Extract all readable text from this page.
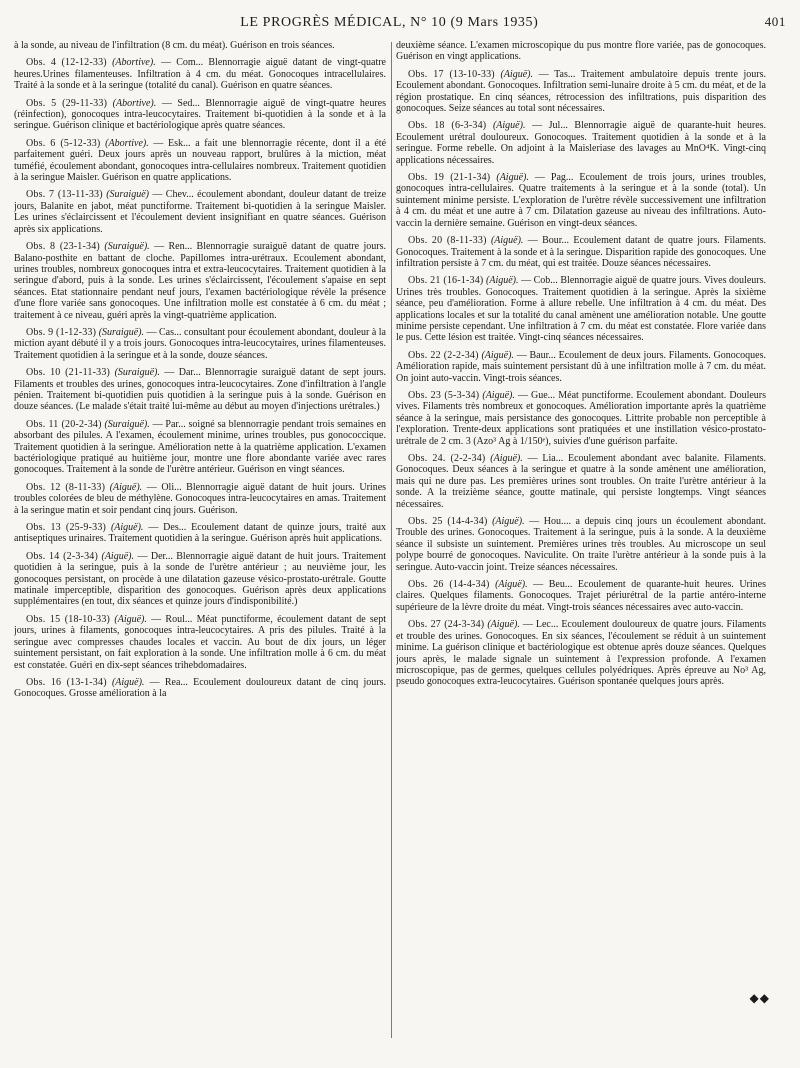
LE PROGRÈS MÉDICAL, N° 10 (9 Mars 1935)	401

à la sonde, au niveau de l'infiltration (8 cm. du méat). Guérison en trois séances.

Obs. 4 (12-12-33) (Abortive). — Com... Blennorragie aiguë datant de vingt-quatre heures.Urines filamenteuses. Infiltration à 4 cm. du méat. Gonocoques intracellulaires. Traité à la sonde et à la seringue (totalité du canal). Guérison en quatre séances.

Obs. 5 (29-11-33) (Abortive). — Sed... Blennorragie aiguë de vingt-quatre heures (réinfection), gonocoques intra-leucocytaires. Traitement bi-quotidien à la sonde et à la seringue. Guérison clinique et bactériologique après quatre séances.

Obs. 6 (5-12-33) (Abortive). — Esk... a fait une blennorragie récente, dont il a été parfaitement guéri. Deux jours après un nouveau rapport, brulûres à la miction, méat tuméfié, écoulement abondant, gonocoques intra-cellulaires nombreux. Traitement quotidien à la seringue Maisler. Guérison en quatre applications.

Obs. 7 (13-11-33) (Suraiguë) — Chev... écoulement abondant, douleur datant de treize jours, Balanite en jabot, méat punctiforme. Traitement bi-quotidien à la seringue Maisler. Les urines s'éclaircissent et l'écoulement devient insignifiant en quatre séances. Guérison après six applications.

Obs. 8 (23-1-34) (Suraiguë). — Ren... Blennorragie suraiguë datant de quatre jours. Balano-posthite en battant de cloche. Papillomes intra-urétraux. Ecoulement abondant, urines troubles, nombreux gonocoques intra et extra-leucocytaires. Traitement quotidien à la seringue d'abord, puis à la sonde. Les urines s'éclaircissent, l'écoulement s'apaise en sept séances. Etat stationnaire pendant neuf jours, l'examen bactériologique révèle la présence d'une flore variée sans gonocoques. Une infiltration molle est constatée à 6 cm. du méat ; traitement à ce niveau, guéri après la vingt-quatrième application.

Obs. 9 (1-12-33) (Suraiguë). — Cas... consultant pour écoulement abondant, douleur à la miction ayant débuté il y a trois jours. Gonocoques intra-leucocytaires, urines filamenteuses. Traitement quotidien à la seringue et à la sonde, douze séances.

Obs. 10 (21-11-33) (Suraiguë). — Dar... Blennorragie suraiguë datant de sept jours. Filaments et troubles des urines, gonocoques intra-leucocytaires. Zone d'infiltration à l'angle pénien. Traitement bi-quotidien puis quotidien à la seringue puis à la sonde. Guérison en douze séances. (Le malade s'était traité lui-même au début au moyen d'injections urétrales.)

Obs. 11 (20-2-34) (Suraiguë). — Par... soigné sa blennorragie pendant trois semaines en absorbant des pilules. A l'examen, écoulement minime, urines troubles, pus gonococcique. Traitement quotidien à la seringue. Amélioration nette à la quatrième application. L'examen bactériologique pratiqué au huitième jour, montre une flore abondante variée avec rares gonocoques. Traitement à la sonde de l'urètre antérieur. Guérison en vingt séances.

Obs. 12 (8-11-33) (Aiguë). — Oli... Blennorragie aiguë datant de huit jours. Urines troubles colorées de bleu de méthylène. Gonocoques intra-leucocytaires en amas. Traitement à la seringue matin et soir pendant cinq jours. Guérison.

Obs. 13 (25-9-33) (Aiguë). — Des... Ecoulement datant de quinze jours, traité aux antiseptiques urinaires. Traitement quotidien à la seringue. Guérison après huit applications.

Obs. 14 (2-3-34) (Aiguë). — Der... Blennorragie aiguë datant de huit jours. Traitement quotidien à la seringue, puis à la sonde de l'urètre antérieur ; au neuvième jour, les gonocoques persistant, on procède à une dilatation gazeuse vésico-prostato-urétrale. Goutte matinale imperceptible, disparition des gonocoques. Guérison après deux applications supplémentaires (en tout, dix séances et quinze jours d'indisponibilité.)

Obs. 15 (18-10-33) (Aiguë). — Roul... Méat punctiforme, écoulement datant de sept jours, urines à filaments, gonocoques intra-leucocytaires. A pris des pilules. Traité à la seringue avec compresses chaudes locales et vaccin. Au bout de dix jours, un léger suintement persistant, on fait exploration à la sonde. Une infiltration molle à 6 cm. du méat est constatée. Guéri en dix-sept séances trihebdomadaires.

Obs. 16 (13-1-34) (Aiguë). — Rea... Ecoulement douloureux datant de cinq jours. Gonocoques. Grosse amélioration à la

deuxième séance. L'examen microscopique du pus montre flore variée, pas de gonocoques. Guérison en vingt applications.

Obs. 17 (13-10-33) (Aiguë). — Tas... Traitement ambulatoire depuis trente jours. Ecoulement abondant. Gonocoques. Infiltration semi-lunaire droite à 5 cm. du méat, et de la région prostatique. En cinq séances, rétrocession des infiltrations, puis disparition des gonocoques. Seize séances au total sont nécessaires.

Obs. 18 (6-3-34) (Aiguë). — Jul... Blennorragie aiguë de quarante-huit heures. Ecoulement urétral douloureux. Gonocoques. Traitement quotidien à la sonde et à la seringue. Forme rebelle. On adjoint à la Maisleriase des lavages au MnO⁴K. Vingt-cinq applications nécessaires.

Obs. 19 (21-1-34) (Aiguë). — Pag... Ecoulement de trois jours, urines troubles, gonocoques intra-cellulaires. Quatre traitements à la seringue et à la sonde (total). Un suintement minime persiste. L'exploration de l'urètre révèle successivement une infiltration à 4 cm. du méat et une autre à 7 cm. Dilatation gazeuse au niveau des infiltrations. Auto-vaccin la dernière semaine. Guérison en vingt-deux séances.

Obs. 20 (8-11-33) (Aiguë). — Bour... Ecoulement datant de quatre jours. Filaments. Gonocoques. Traitement à la sonde et à la seringue. Disparition rapide des gonocoques. Une infiltration persiste à 7 cm. du méat, qui est traitée. Douze séances nécessaires.

Obs. 21 (16-1-34) (Aiguë). — Cob... Blennorragie aiguë de quatre jours. Vives douleurs. Urines très troubles. Gonocoques. Traitement quotidien à la seringue. Après la sixième séance, peu d'amélioration. Forme à allure rebelle. Une infiltration à 4 cm. du méat. Des applications locales et sur la totalité du canal amènent une amélioration notable. Une goutte minime persiste cependant. Une infiltration à 7 cm. du méat est constatée. Flore variée dans le pus. Cette lésion est traitée. Vingt-cinq séances nécessaires.

Obs. 22 (2-2-34) (Aiguë). — Baur... Ecoulement de deux jours. Filaments. Gonocoques. Amélioration rapide, mais suintement persistant dû à une infiltration molle à 7 cm. du méat. On joint auto-vaccin. Vingt-trois séances.

Obs. 23 (5-3-34) (Aiguë). — Gue... Méat punctiforme. Ecoulement abondant. Douleurs vives. Filaments très nombreux et gonocoques. Amélioration importante après la quatrième séance à la seringue, mais persistance des gonocoques. Littrite probable non perceptible à l'exploration. Trente-deux applications sont pratiquées et une instillation vésico-prostato-urétrale de 2 cm. 3 (Azo³ Ag à 1/150ᵉ), suivies d'une guérison parfaite.

Obs. 24. (2-2-34) (Aiguë). — Lia... Ecoulement abondant avec balanite. Filaments. Gonocoques. Deux séances à la seringue et quatre à la sonde amènent une amélioration, mais qui ne dure pas. Les premières urines sont troubles. On traite l'urètre antérieur à la sonde. A la treizième séance, goutte matinale, qui persiste longtemps. Vingt séances nécessaires.

Obs. 25 (14-4-34) (Aiguë). — Hou.... a depuis cinq jours un écoulement abondant. Trouble des urines. Gonocoques. Traitement à la seringue, puis à la sonde. A la deuxième séance il subsiste un suintement. Premières urines très troubles. Au microscope un seul polype bourré de gonocoques. Naviculite. On traite l'urètre antérieur à la sonde puis à la seringue. Auto-vaccin joint. Treize séances nécessaires.

Obs. 26 (14-4-34) (Aiguë). — Beu... Ecoulement de quarante-huit heures. Urines claires. Quelques filaments. Gonocoques. Trajet périurétral de la partie antéro-interne supérieure de la lèvre droite du méat. Vingt-trois séances nécessaires avec auto-vaccin.

Obs. 27 (24-3-34) (Aiguë). — Lec... Ecoulement douloureux de quatre jours. Filaments et trouble des urines. Gonocoques. En six séances, l'écoulement se réduit à un suintement minime. La guérison clinique et bactériologique est obtenue après douze séances. Quelques jours après, le malade signale un suintement à l'expression profonde. A l'examen microscopique, pas de germes, quelques cellules polyédriques. Après épreuve au No³ Ag, pseudo gonocoques extra-leucocytaires. Guérison spontanée quelques jours après.

◆◆
